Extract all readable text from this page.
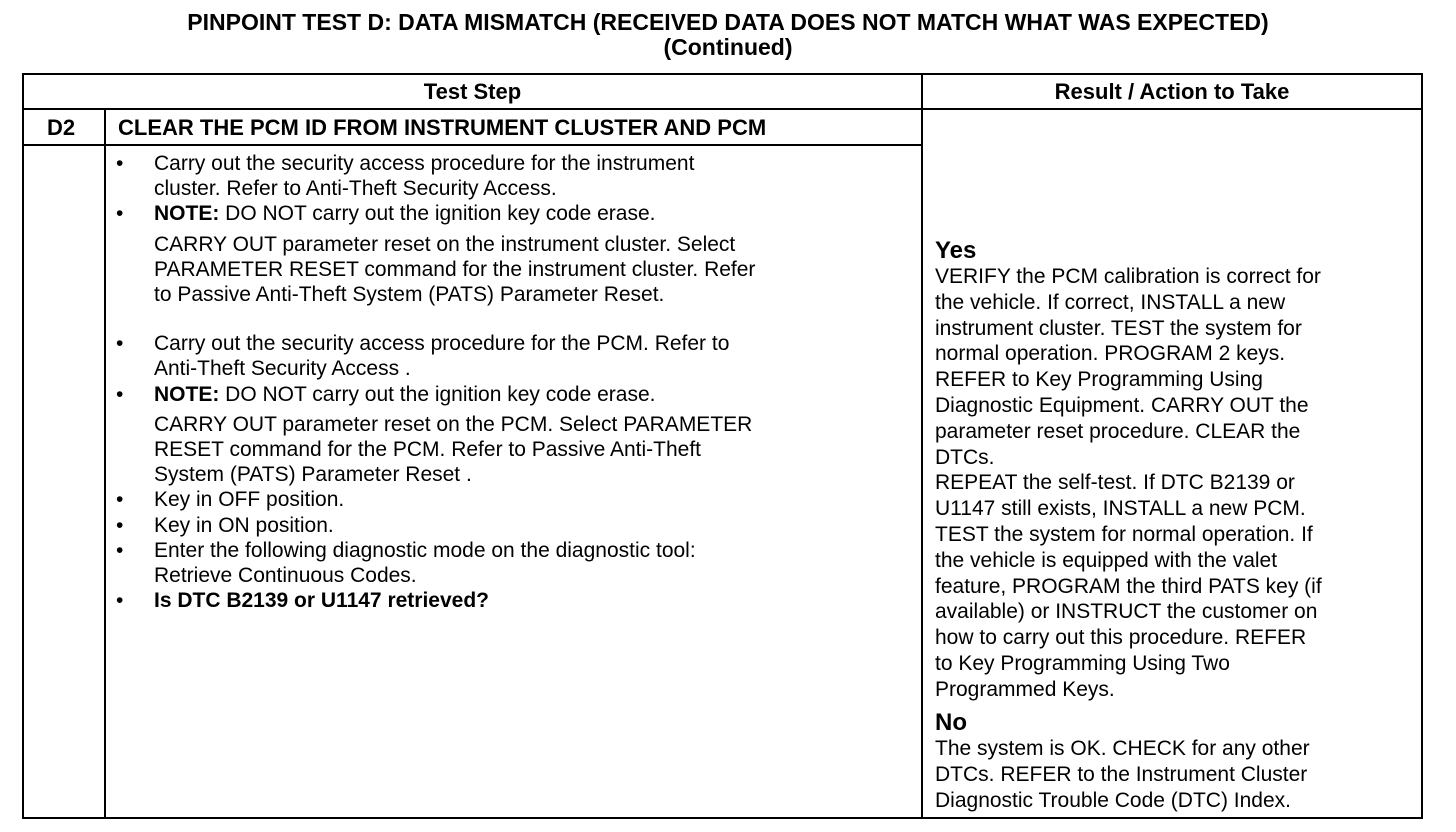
PINPOINT TEST D: DATA MISMATCH (RECEIVED DATA DOES NOT MATCH WHAT WAS EXPECTED)
(Continued)
Test Step	Result / Action to Take
D2 CLEAR THE PCM ID FROM INSTRUMENT CLUSTER AND PCM
• Carry out the security access procedure for the instrument
cluster. Refer to Anti-Theft Security Access.
• NOTE: DO NOT carry out the ignition key code erase.
CARRY OUT parameter reset on the instrument cluster. Select
PARAMETER RESET command for the instrument cluster. Refer
to Passive Anti-Theft System (PATS) Parameter Reset.
• Carry out the security access procedure for the PCM. Refer to
Anti-Theft Security Access .
• NOTE: DO NOT carry out the ignition key code erase.
CARRY OUT parameter reset on the PCM. Select PARAMETER
RESET command for the PCM. Refer to Passive Anti-Theft
System (PATS) Parameter Reset .
• Key in OFF position.
• Key in ON position.
• Enter the following diagnostic mode on the diagnostic tool:
Retrieve Continuous Codes.
• Is DTC B2139 or U1147 retrieved?
Yes
VERIFY the PCM calibration is correct for
the vehicle. If correct, INSTALL a new
instrument cluster. TEST the system for
normal operation. PROGRAM 2 keys.
REFER to Key Programming Using
Diagnostic Equipment. CARRY OUT the
parameter reset procedure. CLEAR the
DTCs.
REPEAT the self-test. If DTC B2139 or
U1147 still exists, INSTALL a new PCM.
TEST the system for normal operation. If
the vehicle is equipped with the valet
feature, PROGRAM the third PATS key (if
available) or INSTRUCT the customer on
how to carry out this procedure. REFER
to Key Programming Using Two
Programmed Keys.
No
The system is OK. CHECK for any other
DTCs. REFER to the Instrument Cluster
Diagnostic Trouble Code (DTC) Index.
